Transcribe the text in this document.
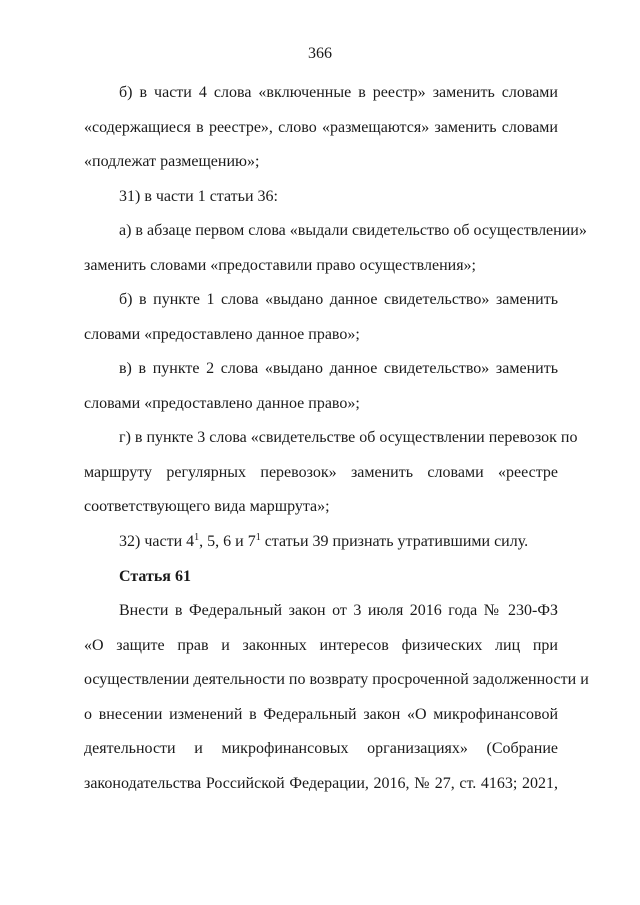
366
б) в части 4 слова «включенные в реестр» заменить словами
«содержащиеся в реестре», слово «размещаются» заменить словами
«подлежат размещению»;
31) в части 1 статьи 36:
а) в абзаце первом слова «выдали свидетельство об осуществлении»
заменить словами «предоставили право осуществления»;
б) в пункте 1 слова «выдано данное свидетельство» заменить
словами «предоставлено данное право»;
в) в пункте 2 слова «выдано данное свидетельство» заменить
словами «предоставлено данное право»;
г) в пункте 3 слова «свидетельстве об осуществлении перевозок по
маршруту регулярных перевозок» заменить словами «реестре
соответствующего вида маршрута»;
32) части $4^1$, 5, 6 и $7^1$ статьи 39 признать утратившими силу.
Статья 61
Внести в Федеральный закон от 3 июля 2016 года № 230-ФЗ
«О защите прав и законных интересов физических лиц при
осуществлении деятельности по возврату просроченной задолженности и
о внесении изменений в Федеральный закон «О микрофинансовой
деятельности и микрофинансовых организациях» (Собрание
законодательства Российской Федерации, 2016, № 27, ст. 4163; 2021,
